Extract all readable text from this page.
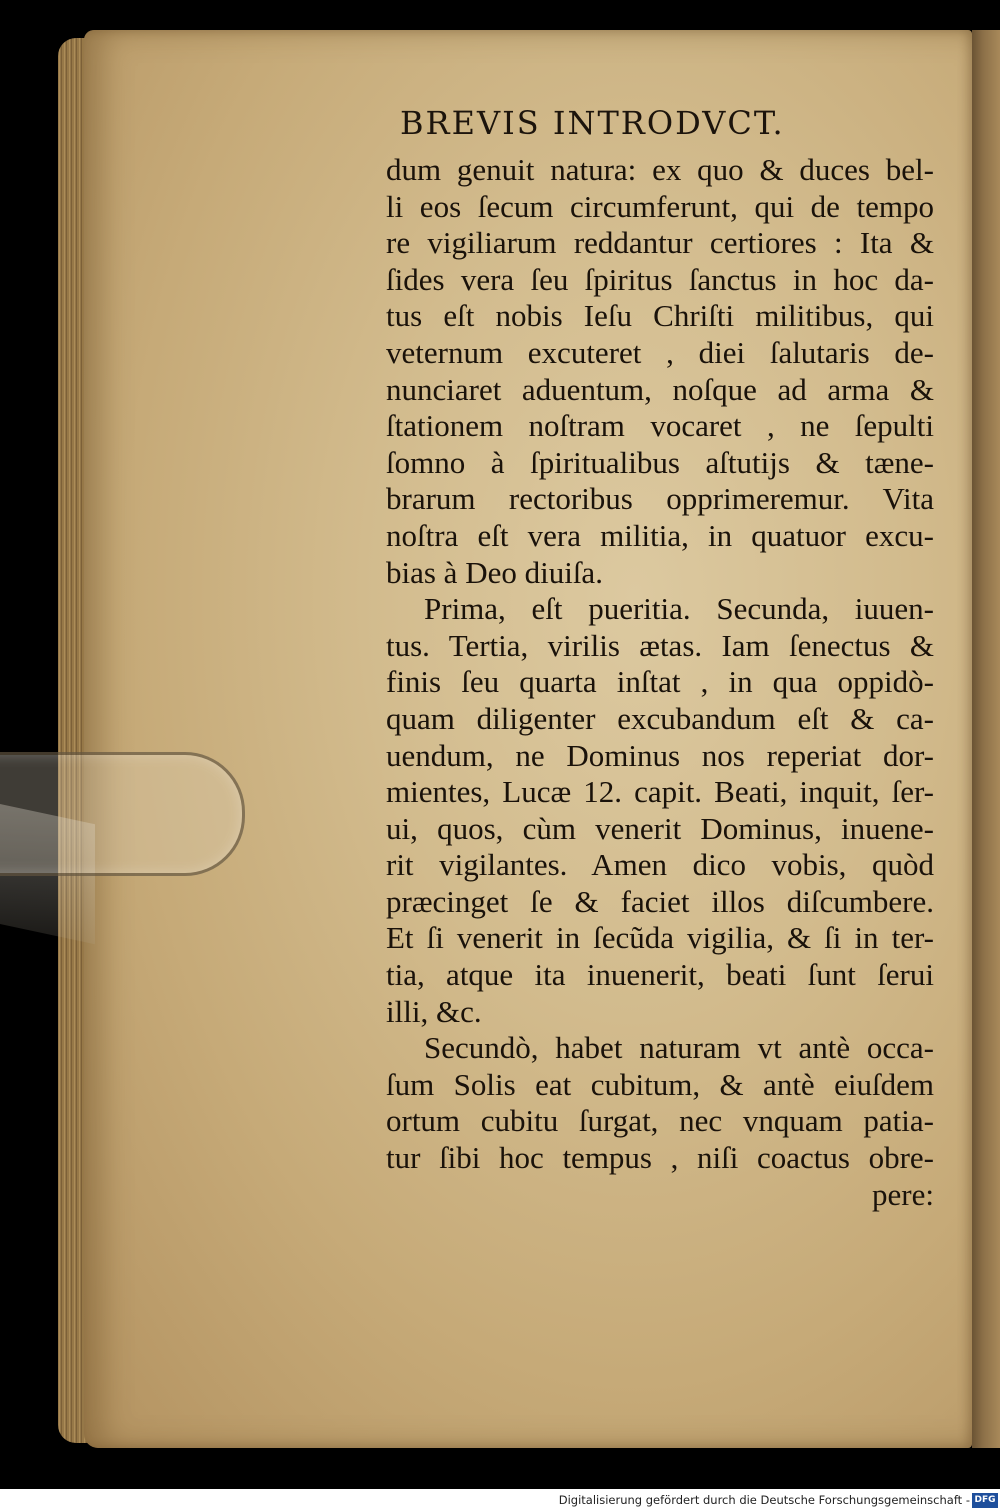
BREVIS INTRODVCT.
dum genuit natura: ex quo & duces bel-
li eos ſecum circumferunt, qui de tempo
re vigiliarum reddantur certiores : Ita &
ſides vera ſeu ſpiritus ſanctus in hoc da-
tus eſt nobis Ieſu Chriſti militibus, qui
veternum excuteret , diei ſalutaris de-
nunciaret aduentum, noſque ad arma &
ſtationem noſtram vocaret , ne ſepulti
ſomno à ſpiritualibus aſtutijs & tæne-
brarum rectoribus opprimeremur. Vita
noſtra eſt vera militia, in quatuor excu-
bias à Deo diuiſa.
Prima, eſt pueritia. Secunda, iuuen-
tus. Tertia, virilis ætas. Iam ſenectus &
finis ſeu quarta inſtat , in qua oppidò-
quam diligenter excubandum eſt & ca-
uendum, ne Dominus nos reperiat dor-
mientes, Lucæ 12. capit. Beati, inquit, ſer-
ui, quos, cùm venerit Dominus, inuene-
rit vigilantes. Amen dico vobis, quòd
præcinget ſe & faciet illos diſcumbere.
Et ſi venerit in ſecũda vigilia, & ſi in ter-
tia, atque ita inuenerit, beati ſunt ſerui
illi, &c.
Secundò, habet naturam vt antè occa-
ſum Solis eat cubitum, & antè eiuſdem
ortum cubitu ſurgat, nec vnquam patia-
tur ſibi hoc tempus , niſi coactus obre-
pere:
Digitalisierung gefördert durch die Deutsche Forschungsgemeinschaft - DFG
